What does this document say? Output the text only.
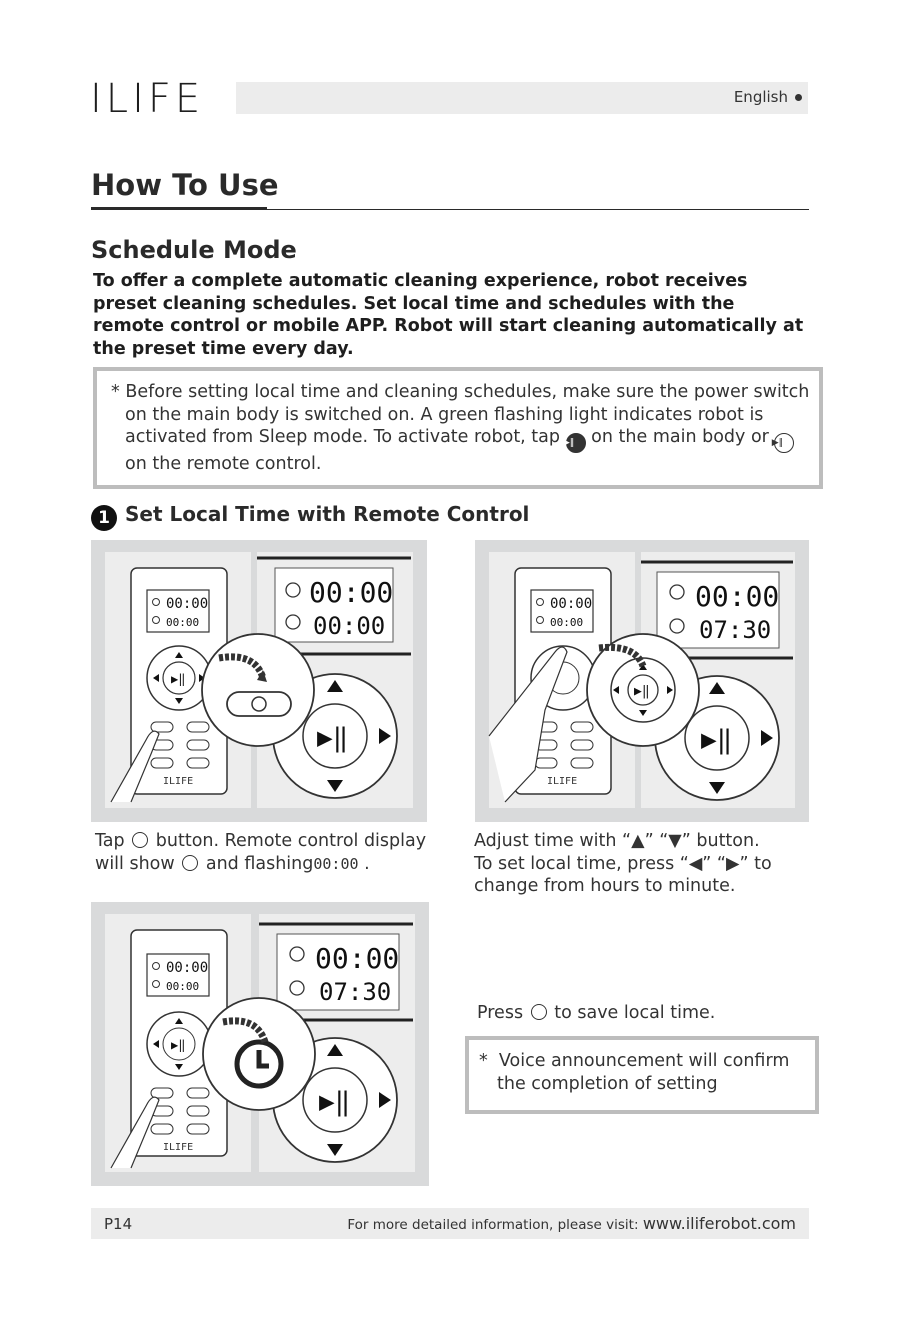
ILIFE	English
How To Use
Schedule Mode
To offer a complete automatic cleaning experience, robot receives preset cleaning schedules. Set local time and schedules with the remote control or mobile APP. Robot will start cleaning automatically at the preset time every day.
* Before setting local time and cleaning schedules, make sure the power switch on the main body is switched on. A green flashing light indicates robot is activated from Sleep mode. To activate robot, tap ▶‖ on the main body or ▶‖
on the remote control.
1 Set Local Time with Remote Control
00:00
00:00
▶‖
ILIFE
00:00
00:00
▶‖
00:00
00:00
ILIFE
00:00
07:30
▶‖
▶‖
Tap button. Remote control display will show and flashing00:00 .
Adjust time with “▲” “▼” button.
To set local time, press “◀” “▶” to change from hours to minute.
00:00
00:00
▶‖
ILIFE
00:00
07:30
▶‖
Press to save local time.
* Voice announcement will confirm the completion of setting
P14	For more detailed information, please visit: www.iliferobot.com
